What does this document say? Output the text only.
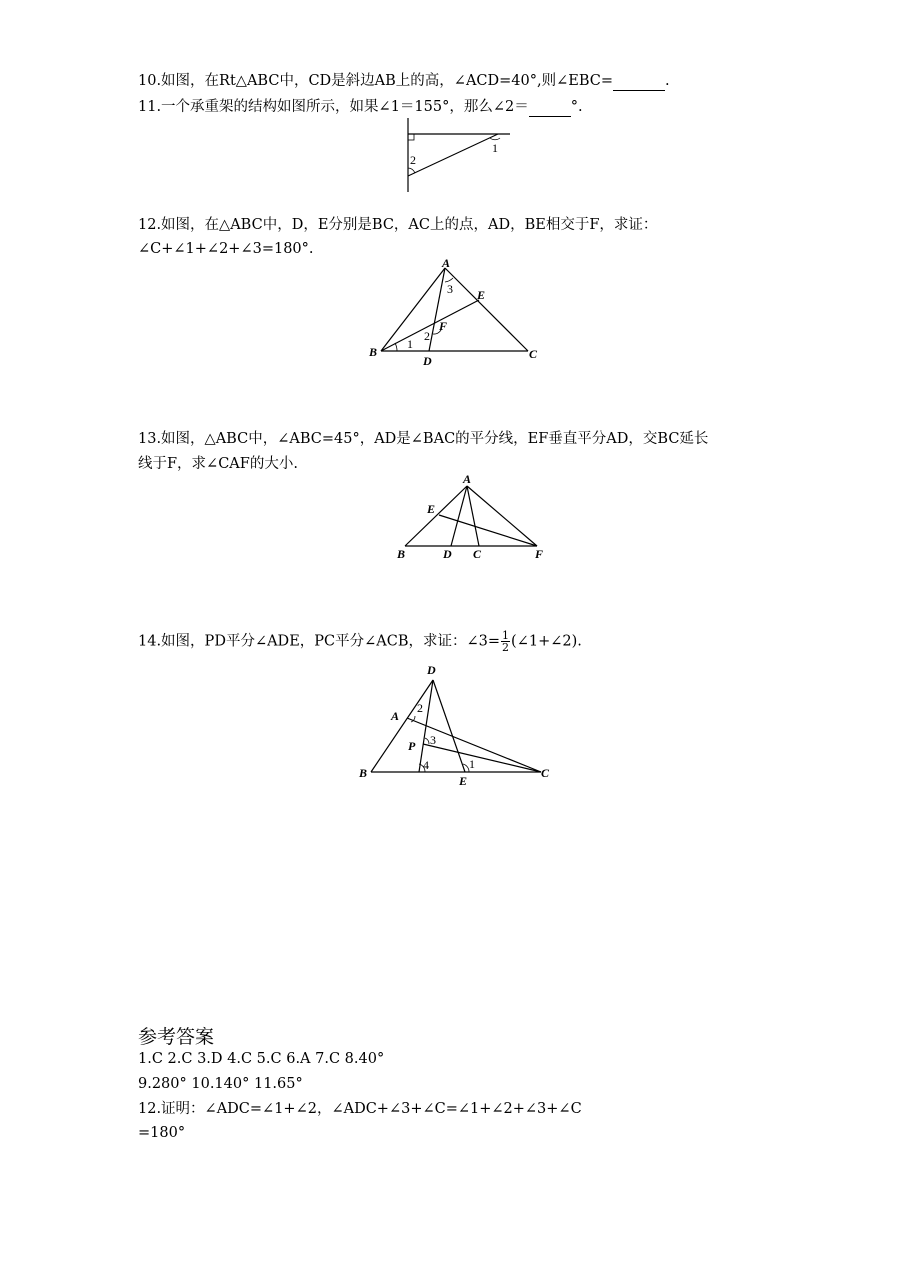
10.如图，在Rt△ABC中，CD是斜边AB上的高，∠ACD=40°,则∠EBC=	.
11.一个承重架的结构如图所示，如果∠1＝155°，那么∠2＝	°.
1
2
12.如图，在△ABC中，D，E分别是BC，AC上的点，AD，BE相交于F，求证：
∠C+∠1+∠2+∠3=180°.
A
B	C
D
E
F
1
2
3
13.如图，△ABC中，∠ABC=45°，AD是∠BAC的平分线，EF垂直平分AD，交BC延长
线于F，求∠CAF的大小.
A
B	C
D
E
F
14.如图，PD平分∠ADE，PC平分∠ACB，求证：∠3= $\frac{1}{2}$ (∠1+∠2).
D
A
B	C
E
P
1
2
3
4
参考答案
1.C 2.C 3.D 4.C 5.C 6.A 7.C 8.40°
9.280° 10.140° 11.65°
12.证明：∠ADC=∠1+∠2，∠ADC+∠3+∠C=∠1+∠2+∠3+∠C
=180°
